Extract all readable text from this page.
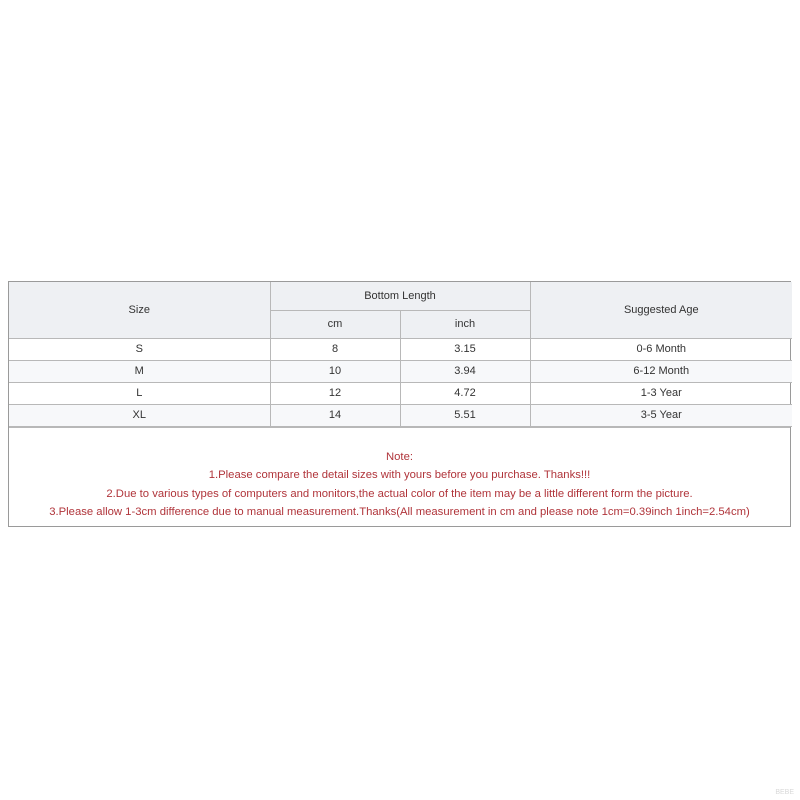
Size	Bottom Length		Suggested Age
	cm	inch	
S	8	3.15	0-6 Month
M	10	3.94	6-12 Month
L	12	4.72	1-3 Year
XL	14	5.51	3-5 Year
Note:
1.Please compare the detail sizes with yours before you purchase. Thanks!!!
2.Due to various types of computers and monitors,the actual color of the item may be a little different form the picture.
3.Please allow 1-3cm difference due to manual measurement.Thanks(All measurement in cm and please note 1cm=0.39inch 1inch=2.54cm)
BEBE
